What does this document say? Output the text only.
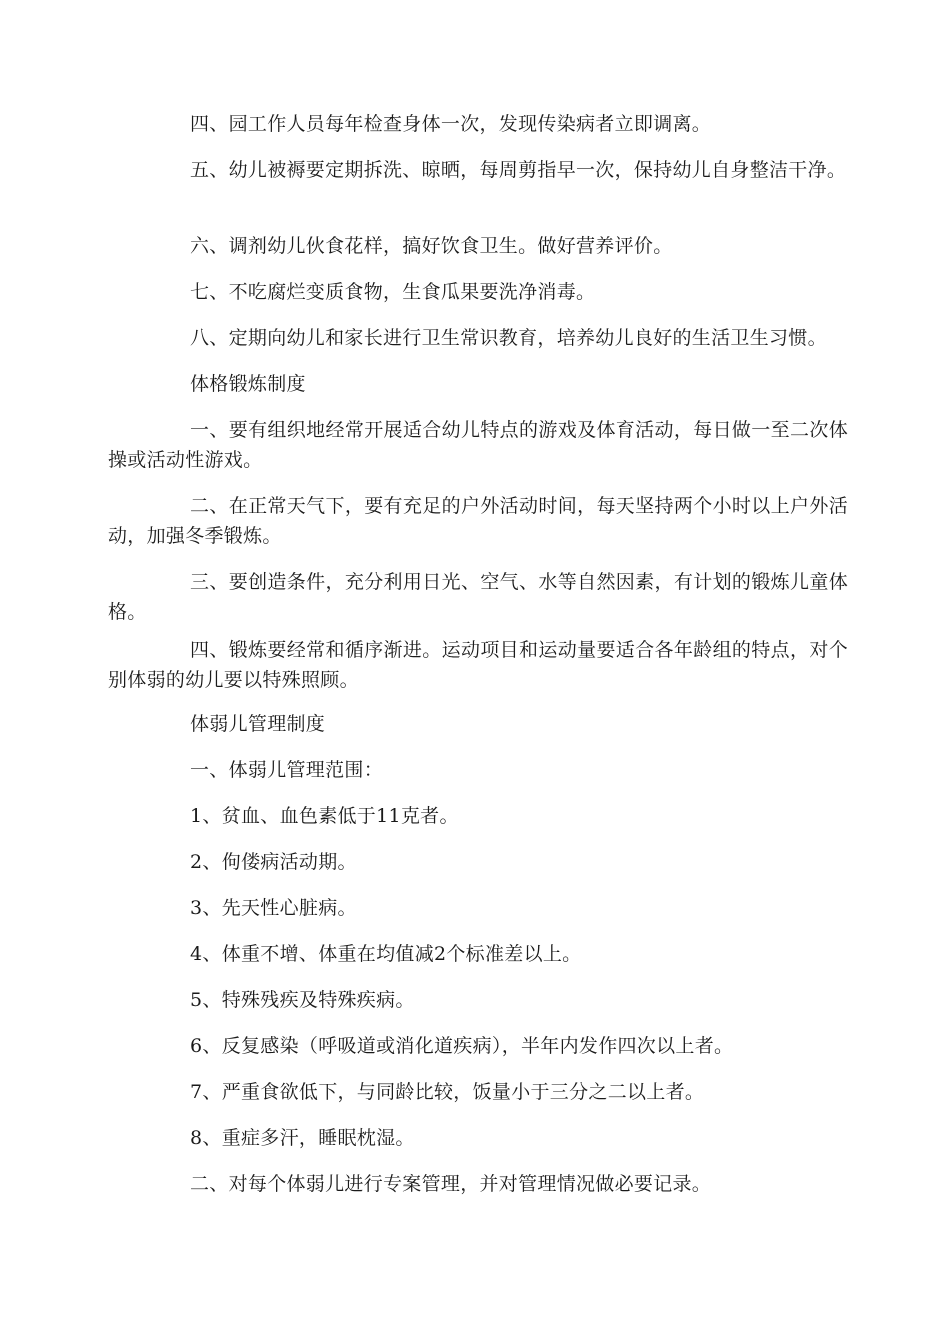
四、园工作人员每年检查身体一次，发现传染病者立即调离。

五、幼儿被褥要定期拆洗、晾晒，每周剪指早一次，保持幼儿自身整洁干净。

六、调剂幼儿伙食花样，搞好饮食卫生。做好营养评价。

七、不吃腐烂变质食物，生食瓜果要洗净消毒。

八、定期向幼儿和家长进行卫生常识教育，培养幼儿良好的生活卫生习惯。

体格锻炼制度

一、要有组织地经常开展适合幼儿特点的游戏及体育活动，每日做一至二次体操或活动性游戏。

二、在正常天气下，要有充足的户外活动时间，每天坚持两个小时以上户外活动，加强冬季锻炼。

三、要创造条件，充分利用日光、空气、水等自然因素，有计划的锻炼儿童体格。

四、锻炼要经常和循序渐进。运动项目和运动量要适合各年龄组的特点，对个别体弱的幼儿要以特殊照顾。

体弱儿管理制度

一、体弱儿管理范围：

1、贫血、血色素低于11克者。

2、佝偻病活动期。

3、先天性心脏病。

4、体重不增、体重在均值减2个标准差以上。

5、特殊残疾及特殊疾病。

6、反复感染（呼吸道或消化道疾病），半年内发作四次以上者。

7、严重食欲低下，与同龄比较，饭量小于三分之二以上者。

8、重症多汗，睡眠枕湿。

二、对每个体弱儿进行专案管理，并对管理情况做必要记录。
